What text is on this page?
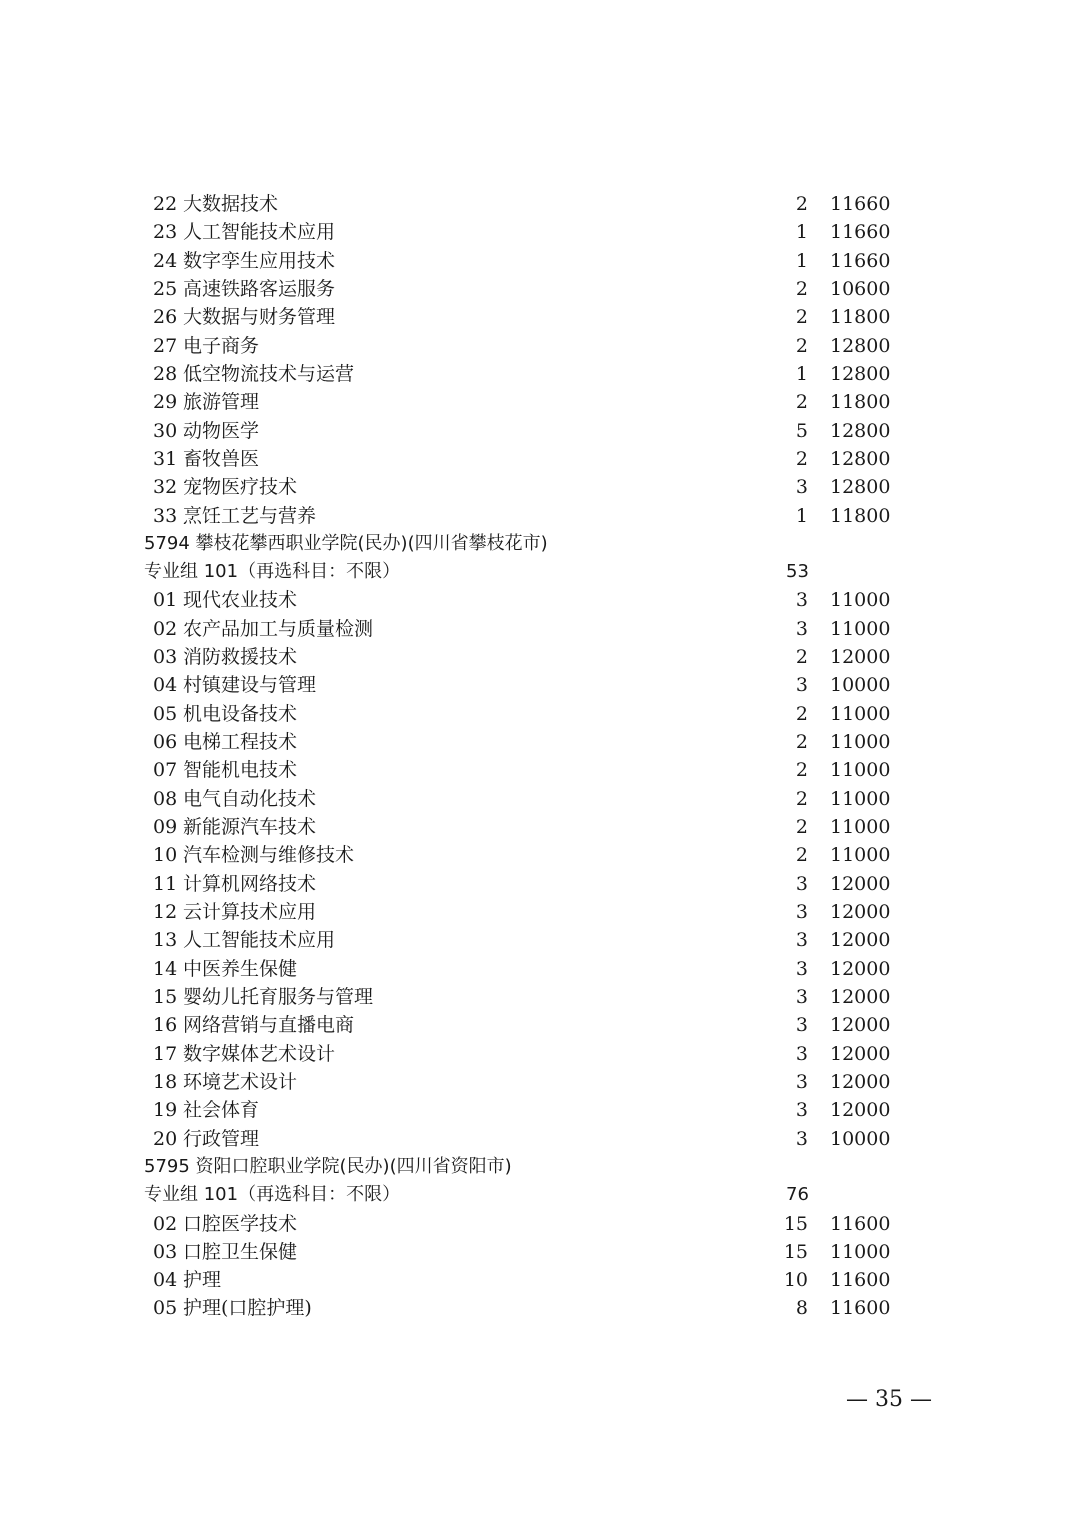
22 大数据技术	2 11660
23 人工智能技术应用	1 11660
24 数字孪生应用技术	1 11660
25 高速铁路客运服务	2 10600
26 大数据与财务管理	2 11800
27 电子商务	2 12800
28 低空物流技术与运营	1 12800
29 旅游管理	2 11800
30 动物医学	5 12800
31 畜牧兽医	2 12800
32 宠物医疗技术	3 12800
33 烹饪工艺与营养	1 11800
5794 攀枝花攀西职业学院(民办)(四川省攀枝花市)
专业组 101（再选科目：不限）	53
01 现代农业技术	3 11000
02 农产品加工与质量检测	3 11000
03 消防救援技术	2 12000
04 村镇建设与管理	3 10000
05 机电设备技术	2 11000
06 电梯工程技术	2 11000
07 智能机电技术	2 11000
08 电气自动化技术	2 11000
09 新能源汽车技术	2 11000
10 汽车检测与维修技术	2 11000
11 计算机网络技术	3 12000
12 云计算技术应用	3 12000
13 人工智能技术应用	3 12000
14 中医养生保健	3 12000
15 婴幼儿托育服务与管理	3 12000
16 网络营销与直播电商	3 12000
17 数字媒体艺术设计	3 12000
18 环境艺术设计	3 12000
19 社会体育	3 12000
20 行政管理	3 10000
5795 资阳口腔职业学院(民办)(四川省资阳市)
专业组 101（再选科目：不限）	76
02 口腔医学技术	15 11600
03 口腔卫生保健	15 11000
04 护理	10 11600
05 护理(口腔护理)	8 11600
— 35 —
